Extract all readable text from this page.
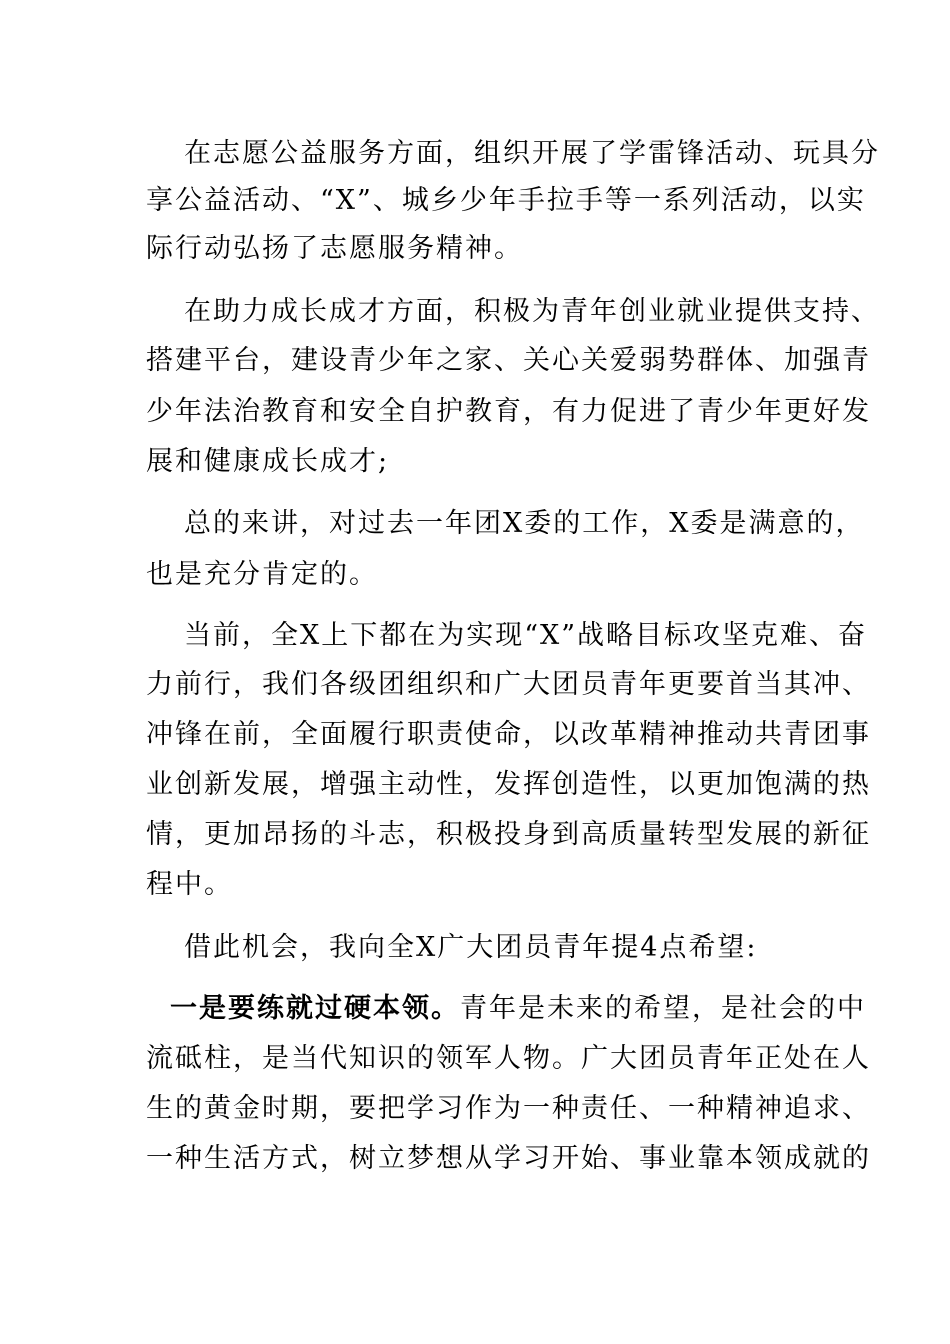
在志愿公益服务方面，组织开展了学雷锋活动、玩具分
享公益活动、“X”、城乡少年手拉手等一系列活动，以实
际行动弘扬了志愿服务精神。
在助力成长成才方面，积极为青年创业就业提供支持、
搭建平台，建设青少年之家、关心关爱弱势群体、加强青
少年法治教育和安全自护教育，有力促进了青少年更好发
展和健康成长成才;
总的来讲，对过去一年团X委的工作，X委是满意的，
也是充分肯定的。
当前，全X上下都在为实现“X”战略目标攻坚克难、奋
力前行，我们各级团组织和广大团员青年更要首当其冲、
冲锋在前，全面履行职责使命，以改革精神推动共青团事
业创新发展，增强主动性，发挥创造性，以更加饱满的热
情，更加昂扬的斗志，积极投身到高质量转型发展的新征
程中。
借此机会，我向全X广大团员青年提4点希望:
一是要练就过硬本领。青年是未来的希望，是社会的中
流砥柱，是当代知识的领军人物。广大团员青年正处在人
生的黄金时期，要把学习作为一种责任、一种精神追求、
一种生活方式，树立梦想从学习开始、事业靠本领成就的
